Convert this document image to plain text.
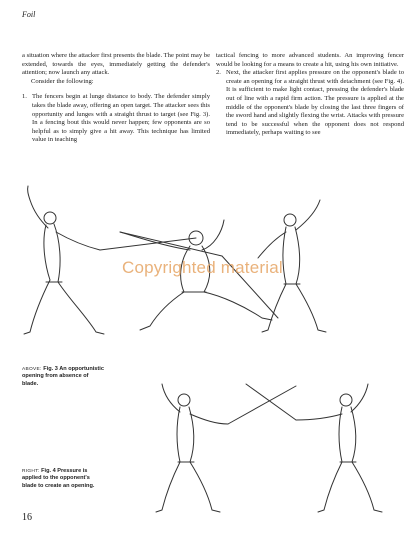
Foil

a situation where the attacker first presents the blade. The point may be extended, towards the eyes, immediately getting the defender's attention; now launch any attack.

Consider the following:

1. The fencers begin at lunge distance to body. The defender simply takes the blade away, offering an open target. The attacker sees this opportunity and lunges with a straight thrust to target (see Fig. 3). In a fencing bout this would never happen; few opponents are so helpful as to simply give a hit away. This technique has limited value in teaching

tactical fencing to more advanced students. An improving fencer would be looking for a means to create a hit, using his own initiative.

2. Next, the attacker first applies pressure on the opponent's blade to create an opening for a straight thrust with detachment (see Fig. 4). It is sufficient to make light contact, pressing the defender's blade out of line with a rapid firm action. The pressure is applied at the middle of the opponent's blade by closing the last three fingers of the sword hand and slightly flexing the wrist. Attacks with pressure tend to be successful when the opponent does not respond immediately, perhaps waiting to see

Copyrighted material
ABOVE: Fig. 3 An opportunistic opening from absence of blade.
RIGHT: Fig. 4 Pressure is applied to the opponent's blade to create an opening.
16
